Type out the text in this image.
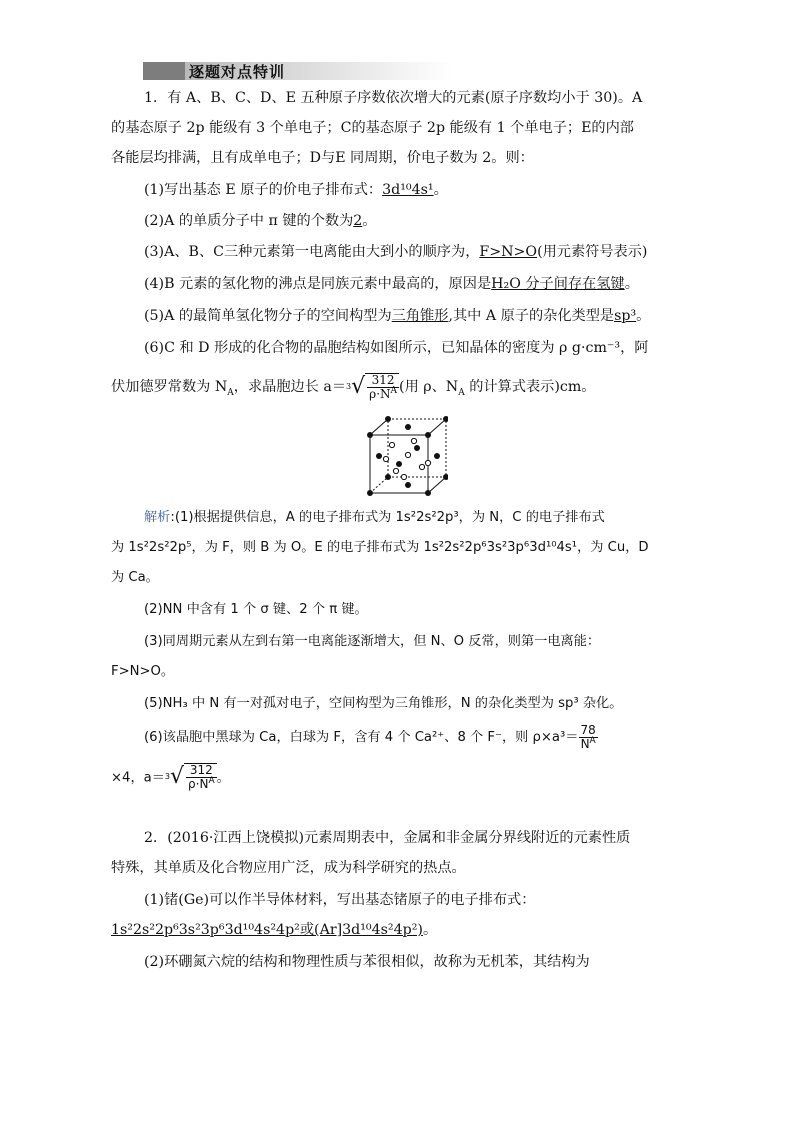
逐题对点特训
1．有 A、B、C、D、E 五种原子序数依次增大的元素(原子序数均小于 30)。A
的基态原子 2p 能级有 3 个单电子；C的基态原子 2p 能级有 1 个单电子；E的内部
各能层均排满，且有成单电子；D与E 同周期，价电子数为 2。则：
(1)写出基态 E 原子的价电子排布式：3d¹⁰4s¹。
(2)A 的单质分子中 π 键的个数为2。
(3)A、B、C三种元素第一电离能由大到小的顺序为，F>N>O(用元素符号表示)
(4)B 元素的氢化物的沸点是同族元素中最高的，原因是H₂O 分子间存在氢键。
(5)A 的最简单氢化物分子的空间构型为三角锥形,其中 A 原子的杂化类型是sp³。
(6)C 和 D 形成的化合物的晶胞结构如图所示，已知晶体的密度为 ρ g·cm⁻³，阿
伏加德罗常数为 $N_A$，求晶胞边长 $a=^3√ \frac{312}{\rho\cdot N^A}$ (用 ρ、$N_A$ 的计算式表示)cm。
解析:(1)根据提供信息，A 的电子排布式为 1s²2s²2p³，为 N，C 的电子排布式
为 1s²2s²2p⁵，为 F，则 B 为 O。E 的电子排布式为 1s²2s²2p⁶3s²3p⁶3d¹⁰4s¹，为 Cu，D
为 Ca。
(2)NN 中含有 1 个 σ 键、2 个 π 键。
(3)同周期元素从左到右第一电离能逐渐增大，但 N、O 反常，则第一电离能：
F>N>O。
(5)NH₃ 中 N 有一对孤对电子，空间构型为三角锥形，N 的杂化类型为 sp³ 杂化。
(6)该晶胞中黑球为 Ca，白球为 F，含有 4 个 Ca²⁺、8 个 F⁻，则 $\rho\times a^3= \frac{78}{N^A}$
×4，$a=^3√ \frac{312}{\rho\cdot N^A}$ 。
2．(2016·江西上饶模拟)元素周期表中，金属和非金属分界线附近的元素性质
特殊，其单质及化合物应用广泛，成为科学研究的热点。
(1)锗(Ge)可以作半导体材料，写出基态锗原子的电子排布式：
1s²2s²2p⁶3s²3p⁶3d¹⁰4s²4p²或(Ar]3d¹⁰4s²4p²)。
(2)环硼氮六烷的结构和物理性质与苯很相似，故称为无机苯，其结构为
